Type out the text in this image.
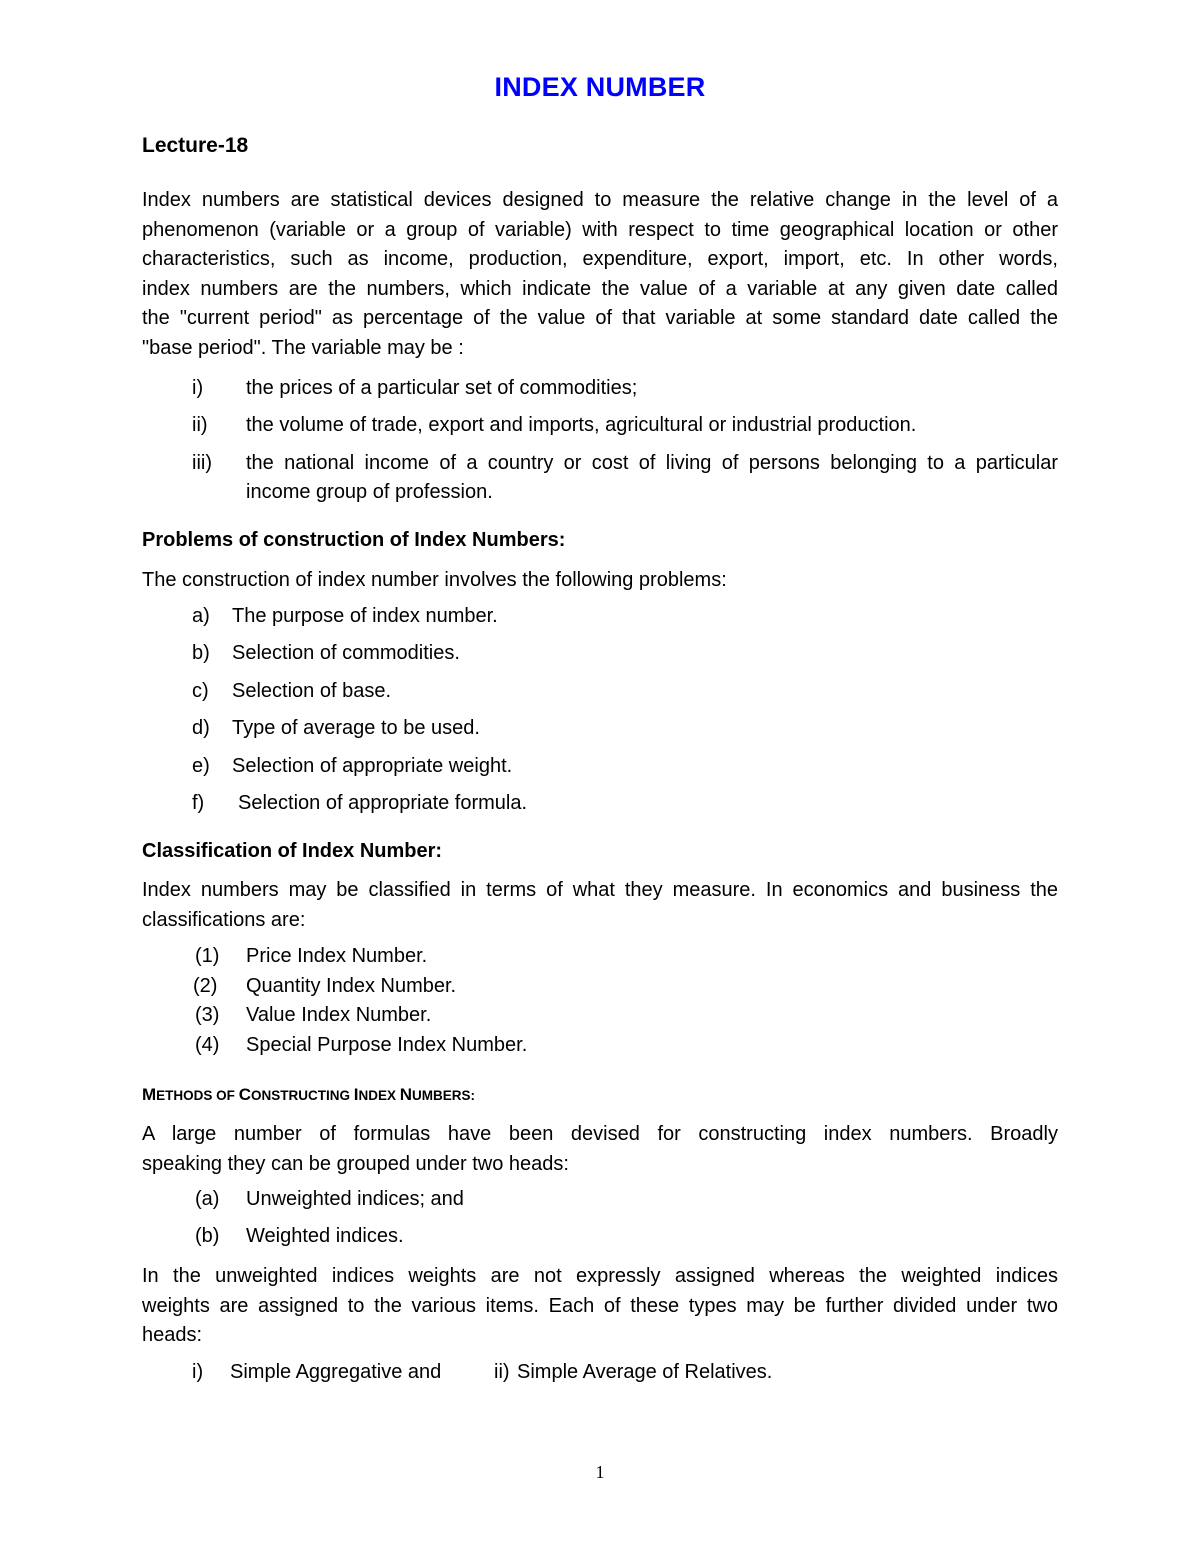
INDEX NUMBER
Lecture-18
Index numbers are statistical devices designed to measure the relative change in the level of a
phenomenon (variable or a group of variable) with respect to time geographical location or other
characteristics, such as income, production, expenditure, export, import, etc. In other words,
index numbers are the numbers, which indicate the value of a variable at any given date called
the "current period" as percentage of the value of that variable at some standard date called the
"base period". The variable may be :
i) the prices of a particular set of commodities;
ii) the volume of trade, export and imports, agricultural or industrial production.
iii) the national income of a country or cost of living of persons belonging to a particular
income group of profession.
Problems of construction of Index Numbers:
The construction of index number involves the following problems:
a) The purpose of index number.
b) Selection of commodities.
c) Selection of base.
d) Type of average to be used.
e) Selection of appropriate weight.
f) Selection of appropriate formula.
Classification of Index Number:
Index numbers may be classified in terms of what they measure. In economics and business the
classifications are:
(1) Price Index Number.
(2) Quantity Index Number.
(3) Value Index Number.
(4) Special Purpose Index Number.
METHODS OF CONSTRUCTING INDEX NUMBERS:
A large number of formulas have been devised for constructing index numbers. Broadly
speaking they can be grouped under two heads:
(a) Unweighted indices; and
(b) Weighted indices.
In the unweighted indices weights are not expressly assigned whereas the weighted indices
weights are assigned to the various items. Each of these types may be further divided under two
heads:
i) Simple Aggregative and	ii) Simple Average of Relatives.
1
